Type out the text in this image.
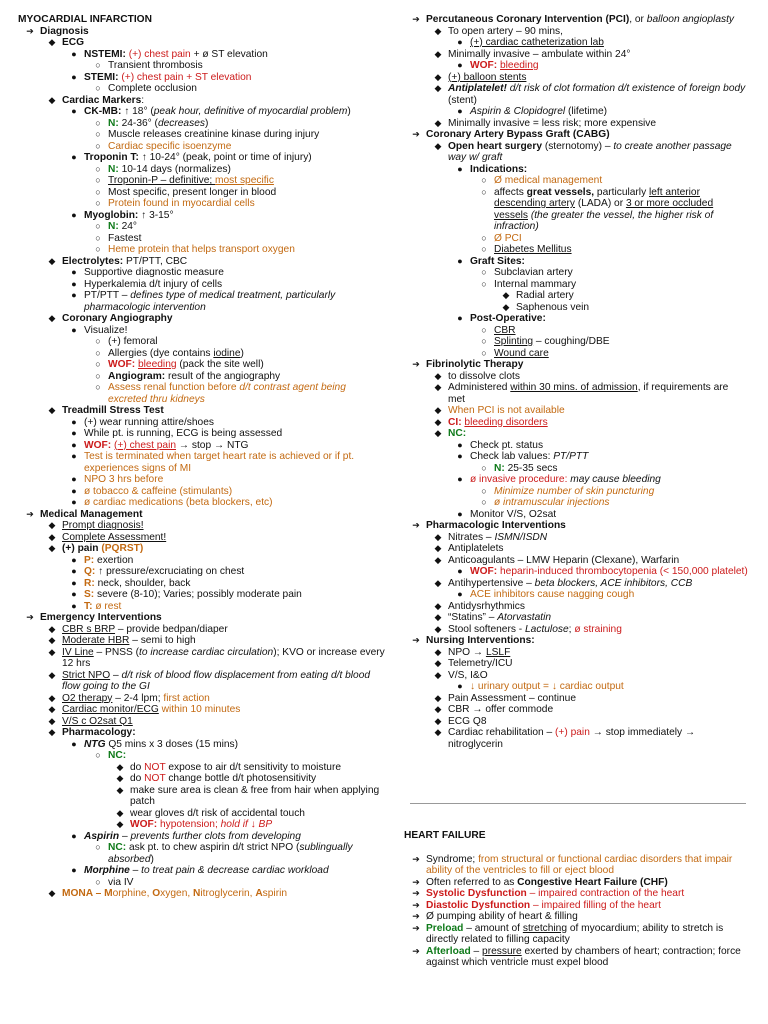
MYOCARDIAL INFARCTION
➔ Diagnosis
◆ ECG
● NSTEMI: (+) chest pain + ø ST elevation
○ Transient thrombosis
● STEMI: (+) chest pain + ST elevation
○ Complete occlusion
◆ Cardiac Markers:
● CK-MB: ↑ 18° (peak hour, definitive of myocardial problem)
○ N: 24-36° (decreases)
○ Muscle releases creatinine kinase during injury
○ Cardiac specific isoenzyme
● Troponin T: ↑ 10-24° (peak, point or time of injury)
○ N: 10-14 days (normalizes)
○ Troponin-P – definitive; most specific
○ Most specific, present longer in blood
○ Protein found in myocardial cells
● Myoglobin: ↑ 3-15°
○ N: 24°
○ Fastest
○ Heme protein that helps transport oxygen
◆ Electrolytes: PT/PTT, CBC
● Supportive diagnostic measure
● Hyperkalemia d/t injury of cells
● PT/PTT – defines type of medical treatment, particularly pharmacologic intervention
◆ Coronary Angiography
● Visualize!
○ (+) femoral
○ Allergies (dye contains iodine)
○ WOF: bleeding (pack the site well)
○ Angiogram: result of the angiography
○ Assess renal function before d/t contrast agent being excreted thru kidneys
◆ Treadmill Stress Test
● (+) wear running attire/shoes
● While pt. is running, ECG is being assessed
● WOF: (+) chest pain → stop → NTG
● Test is terminated when target heart rate is achieved or if pt. experiences signs of MI
● NPO 3 hrs before
● ø tobacco & caffeine (stimulants)
● ø cardiac medications (beta blockers, etc)
➔ Medical Management
◆ Prompt diagnosis!
◆ Complete Assessment!
◆ (+) pain (PQRST)
● P: exertion
● Q: ↑ pressure/excruciating on chest
● R: neck, shoulder, back
● S: severe (8-10); Varies; possibly moderate pain
● T: ø rest
➔ Emergency Interventions
◆ CBR s BRP – provide bedpan/diaper
◆ Moderate HBR – semi to high
◆ IV Line – PNSS (to increase cardiac circulation); KVO or increase every 12 hrs
◆ Strict NPO – d/t risk of blood flow displacement from eating d/t blood flow going to the GI
◆ O2 therapy – 2-4 lpm; first action
◆ Cardiac monitor/ECG within 10 minutes
◆ V/S c O2sat Q1
◆ Pharmacology:
● NTG Q5 mins x 3 doses (15 mins)
○ NC:
◆ do NOT expose to air d/t sensitivity to moisture
◆ do NOT change bottle d/t photosensitivity
◆ make sure area is clean & free from hair when applying patch
◆ wear gloves d/t risk of accidental touch
◆ WOF: hypotension; hold if ↓ BP
● Aspirin – prevents further clots from developing
○ NC: ask pt. to chew aspirin d/t strict NPO (sublingually absorbed)
● Morphine – to treat pain & decrease cardiac workload
○ via IV
◆ MONA – Morphine, Oxygen, Nitroglycerin, Aspirin
➔ Percutaneous Coronary Intervention (PCI), or balloon angioplasty
◆ To open artery – 90 mins,
● (+) cardiac catheterization lab
◆ Minimally invasive – ambulate within 24°
● WOF: bleeding
◆ (+) balloon stents
◆ Antiplatelet! d/t risk of clot formation d/t existence of foreign body (stent)
● Aspirin & Clopidogrel (lifetime)
◆ Minimally invasive = less risk; more expensive
➔ Coronary Artery Bypass Graft (CABG)
◆ Open heart surgery (sternotomy) – to create another passage way w/ graft
● Indications:
○ Ø medical management
○ affects great vessels, particularly left anterior descending artery (LADA) or 3 or more occluded vessels (the greater the vessel, the higher risk of infraction)
○ Ø PCI
○ Diabetes Mellitus
● Graft Sites:
○ Subclavian artery
○ Internal mammary
◆ Radial artery
◆ Saphenous vein
● Post-Operative:
○ CBR
○ Splinting – coughing/DBE
○ Wound care
➔ Fibrinolytic Therapy
◆ to dissolve clots
◆ Administered within 30 mins. of admission, if requirements are met
◆ When PCI is not available
◆ CI: bleeding disorders
◆ NC:
● Check pt. status
● Check lab values: PT/PTT
○ N: 25-35 secs
● ø invasive procedure: may cause bleeding
○ Minimize number of skin puncturing
○ ø intramuscular injections
● Monitor V/S, O2sat
➔ Pharmacologic Interventions
◆ Nitrates – ISMN/ISDN
◆ Antiplatelets
◆ Anticoagulants – LMW Heparin (Clexane), Warfarin
● WOF: heparin-induced thrombocytopenia (< 150,000 platelet)
◆ Antihypertensive – beta blockers, ACE inhibitors, CCB
● ACE inhibitors cause nagging cough
◆ Antidysrhythmics
◆ “Statins” – Atorvastatin
◆ Stool softeners - Lactulose; ø straining
➔ Nursing Interventions:
◆ NPO → LSLF
◆ Telemetry/ICU
◆ V/S, I&O
● ↓ urinary output = ↓ cardiac output
◆ Pain Assessment – continue
◆ CBR → offer commode
◆ ECG Q8
◆ Cardiac rehabilitation – (+) pain → stop immediately → nitroglycerin
HEART FAILURE
➔ Syndrome; from structural or functional cardiac disorders that impair ability of the ventricles to fill or eject blood
➔ Often referred to as Congestive Heart Failure (CHF)
➔ Systolic Dysfunction – impaired contraction of the heart
➔ Diastolic Dysfunction – impaired filling of the heart
➔ Ø pumping ability of heart & filling
➔ Preload – amount of stretching of myocardium; ability to stretch is directly related to filling capacity
➔ Afterload – pressure exerted by chambers of heart; contraction; force against which ventricle must expel blood
